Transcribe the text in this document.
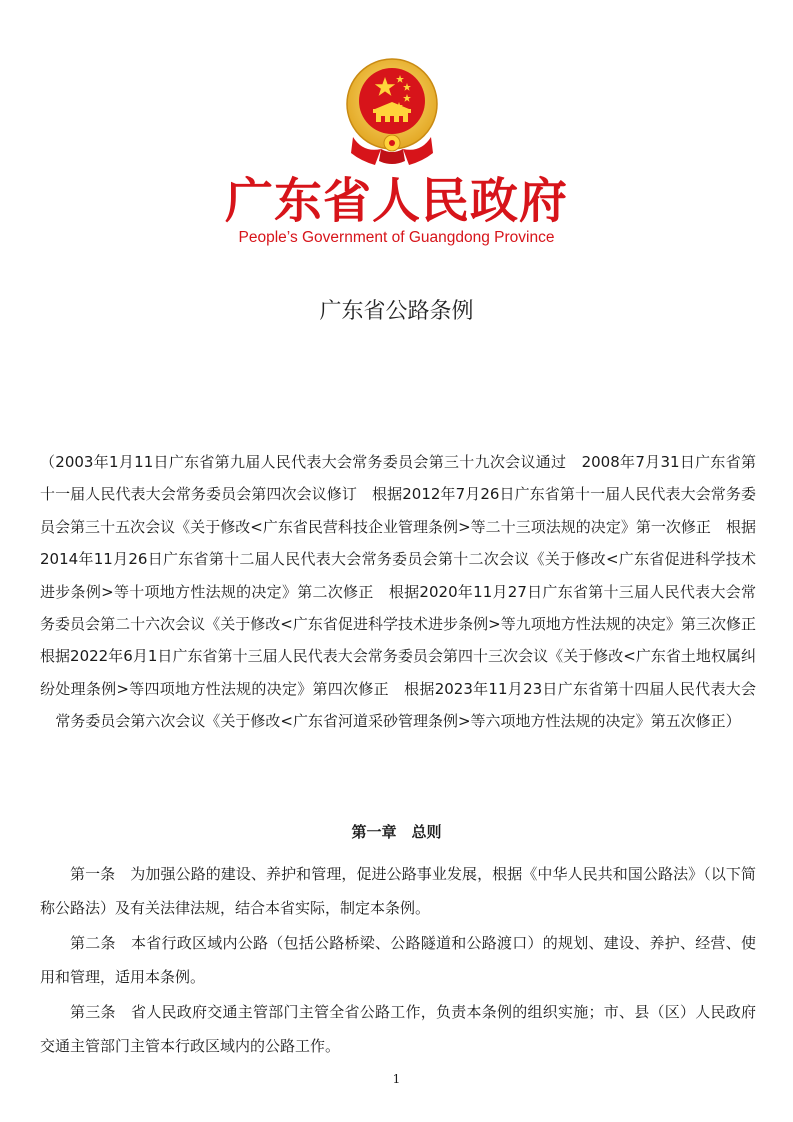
广东省人民政府
People’s Government of Guangdong Province
广东省公路条例
（2003年1月11日广东省第九届人民代表大会常务委员会第三十九次会议通过　2008年7月31日广东省第十一届人民代表大会常务委员会第四次会议修订　根据2012年7月26日广东省第十一届人民代表大会常务委员会第三十五次会议《关于修改<广东省民营科技企业管理条例>等二十三项法规的决定》第一次修正　根据2014年11月26日广东省第十二届人民代表大会常务委员会第十二次会议《关于修改<广东省促进科学技术进步条例>等十项地方性法规的决定》第二次修正　根据2020年11月27日广东省第十三届人民代表大会常务委员会第二十六次会议《关于修改<广东省促进科学技术进步条例>等九项地方性法规的决定》第三次修正　根据2022年6月1日广东省第十三届人民代表大会常务委员会第四十三次会议《关于修改<广东省土地权属纠纷处理条例>等四项地方性法规的决定》第四次修正　根据2023年11月23日广东省第十四届人民代表大会常务委员会第六次会议《关于修改<广东省河道采砂管理条例>等六项地方性法规的决定》第五次修正）
第一章　总则

第一条　为加强公路的建设、养护和管理，促进公路事业发展，根据《中华人民共和国公路法》（以下简称公路法）及有关法律法规，结合本省实际，制定本条例。

第二条　本省行政区域内公路（包括公路桥梁、公路隧道和公路渡口）的规划、建设、养护、经营、使用和管理，适用本条例。

第三条　省人民政府交通主管部门主管全省公路工作，负责本条例的组织实施；市、县（区）人民政府交通主管部门主管本行政区域内的公路工作。

1
